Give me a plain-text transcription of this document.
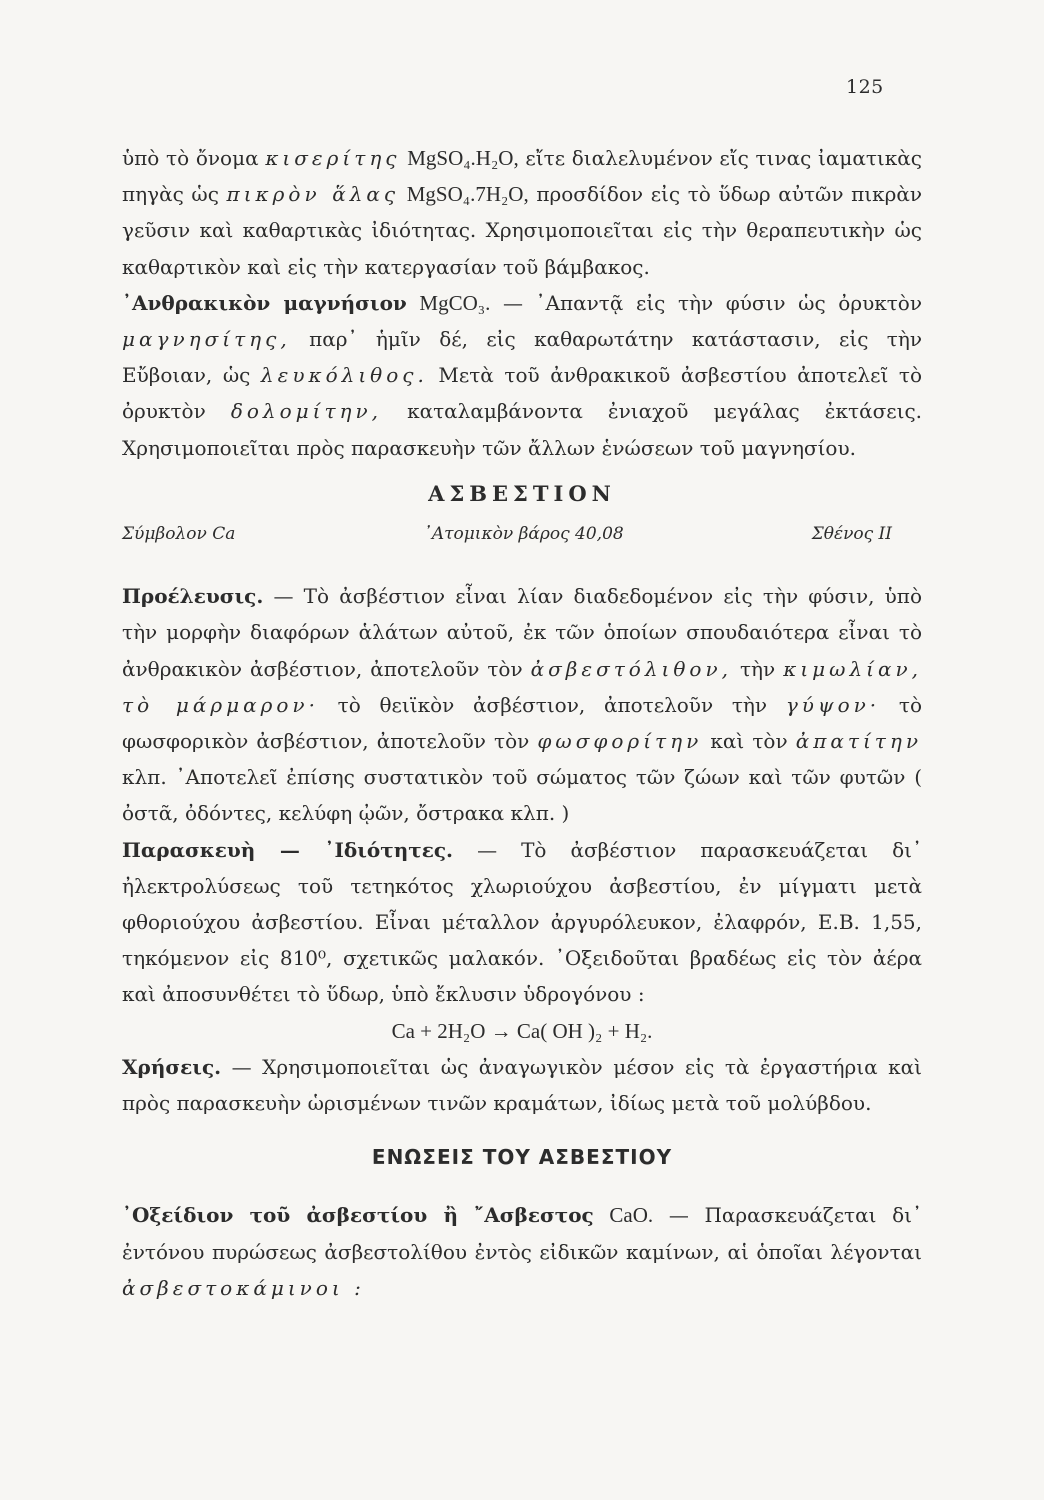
125

ὑπὸ τὸ ὄνομα κισερίτης MgSO₄.H₂O, εἴτε διαλελυμένον εἴς τινας ἰαματικὰς πηγὰς ὡς πικρὸν ἅλας MgSO₄.7H₂O, προσδίδον εἰς τὸ ὕδωρ αὐτῶν πικρὰν γεῦσιν καὶ καθαρτικὰς ἰδιότητας. Χρησιμοποιεῖται εἰς τὴν θεραπευτικὴν ὡς καθαρτικὸν καὶ εἰς τὴν κατεργασίαν τοῦ βάμβακος.

᾿Ανθρακικὸν μαγνήσιον MgCO₃. — ᾿Απαντᾷ εἰς τὴν φύσιν ὡς ὀρυκτὸν μαγνησίτης, παρ᾿ ἡμῖν δέ, εἰς καθαρωτάτην κατάστασιν, εἰς τὴν Εὔβοιαν, ὡς λευκόλιθος. Μετὰ τοῦ ἀνθρακικοῦ ἀσβεστίου ἀποτελεῖ τὸ ὀρυκτὸν δολομίτην, καταλαμβάνοντα ἐνιαχοῦ μεγάλας ἐκτάσεις. Χρησιμοποιεῖται πρὸς παρασκευὴν τῶν ἄλλων ἑνώσεων τοῦ μαγνησίου.

ΑΣΒΕΣΤΙΟΝ
Σύμβολον Ca	᾿Ατομικὸν βάρος 40,08	Σθένος II

Προέλευσις. — Τὸ ἀσβέστιον εἶναι λίαν διαδεδομένον εἰς τὴν φύσιν, ὑπὸ τὴν μορφὴν διαφόρων ἁλάτων αὐτοῦ, ἐκ τῶν ὁποίων σπουδαιότερα εἶναι τὸ ἀνθρακικὸν ἀσβέστιον, ἀποτελοῦν τὸν ἀσβεστόλιθον, τὴν κιμωλίαν, τὸ μάρμαρον· τὸ θειϊκὸν ἀσβέστιον, ἀποτελοῦν τὴν γύψον· τὸ φωσφορικὸν ἀσβέστιον, ἀποτελοῦν τὸν φωσφορίτην καὶ τὸν ἀπατίτην κλπ. ᾿Αποτελεῖ ἐπίσης συστατικὸν τοῦ σώματος τῶν ζώων καὶ τῶν φυτῶν ( ὀστᾶ, ὀδόντες, κελύφη ᾠῶν, ὄστρακα κλπ. )

Παρασκευὴ — ᾿Ιδιότητες. — Τὸ ἀσβέστιον παρασκευάζεται δι᾿ ἠλεκτρολύσεως τοῦ τετηκότος χλωριούχου ἀσβεστίου, ἐν μίγματι μετὰ φθοριούχου ἀσβεστίου. Εἶναι μέταλλον ἀργυρόλευκον, ἐλαφρόν, Ε.Β. 1,55, τηκόμενον εἰς 810⁰, σχετικῶς μαλακόν. ᾿Οξειδοῦται βραδέως εἰς τὸν ἀέρα καὶ ἀποσυνθέτει τὸ ὕδωρ, ὑπὸ ἔκλυσιν ὑδρογόνου :

Ca + 2H₂O → Ca( OH )₂ + H₂.

Χρήσεις. — Χρησιμοποιεῖται ὡς ἀναγωγικὸν μέσον εἰς τὰ ἐργαστήρια καὶ πρὸς παρασκευὴν ὡρισμένων τινῶν κραμάτων, ἰδίως μετὰ τοῦ μολύβδου.

ΕΝΩΣΕΙΣ ΤΟΥ ΑΣΒΕΣΤΙΟΥ

᾿Οξείδιον τοῦ ἀσβεστίου ἢ ῎Ασβεστος CaO. — Παρασκευάζεται δι᾿ ἐντόνου πυρώσεως ἀσβεστολίθου ἐντὸς εἰδικῶν καμίνων, αἱ ὁποῖαι λέγονται ἀσβεστοκάμινοι :
